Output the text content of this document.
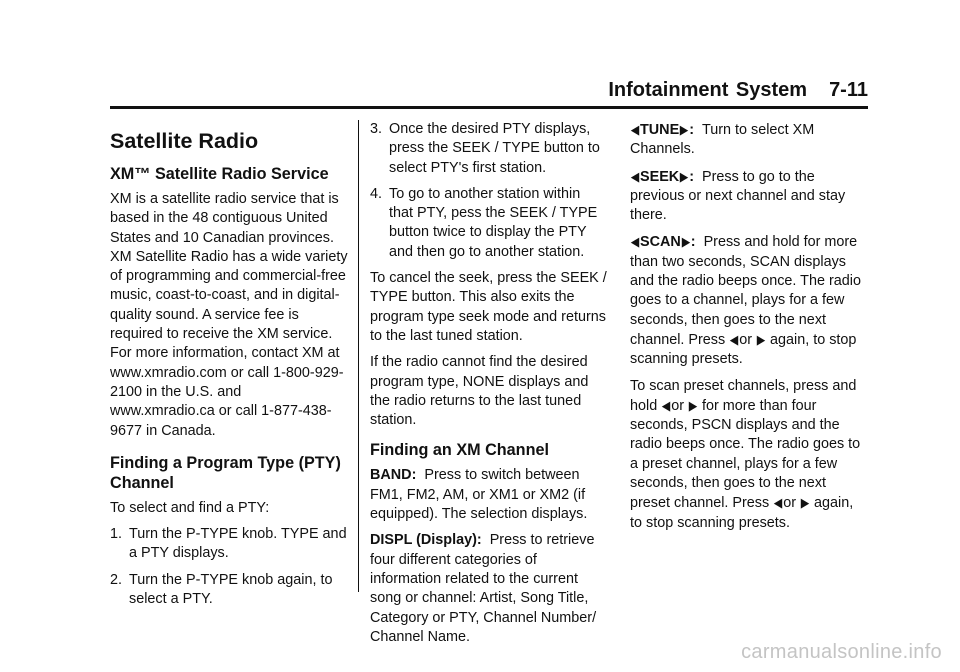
Infotainment System 7-11
Satellite Radio
XM™ Satellite Radio Service

XM is a satellite radio service that is based in the 48 contiguous United States and 10 Canadian provinces. XM Satellite Radio has a wide variety of programming and commercial-free music, coast-to-coast, and in digital-quality sound. A service fee is required to receive the XM service. For more information, contact XM at www.xmradio.com or call 1-800-929-2100 in the U.S. and www.xmradio.ca or call 1-877-438-9677 in Canada.

Finding a Program Type (PTY) Channel

To select and find a PTY:

1. Turn the P-TYPE knob. TYPE and a PTY displays.
2. Turn the P-TYPE knob again, to select a PTY.
3. Once the desired PTY displays, press the SEEK / TYPE button to select PTY's first station.
4. To go to another station within that PTY, pess the SEEK / TYPE button twice to display the PTY and then go to another station.

To cancel the seek, press the SEEK / TYPE button. This also exits the program type seek mode and returns to the last tuned station.

If the radio cannot find the desired program type, NONE displays and the radio returns to the last tuned station.

Finding an XM Channel

BAND: Press to switch between FM1, FM2, AM, or XM1 or XM2 (if equipped). The selection displays.

DISPL (Display): Press to retrieve four different categories of information related to the current song or channel: Artist, Song Title, Category or PTY, Channel Number/ Channel Name.

◀TUNE▶: Turn to select XM Channels.

◀SEEK▶: Press to go to the previous or next channel and stay there.

◀SCAN▶: Press and hold for more than two seconds, SCAN displays and the radio beeps once. The radio goes to a channel, plays for a few seconds, then goes to the next channel. Press ◀or ▶ again, to stop scanning presets.

To scan preset channels, press and hold ◀or ▶ for more than four seconds, PSCN displays and the radio beeps once. The radio goes to a preset channel, plays for a few seconds, then goes to the next preset channel. Press ◀or ▶ again, to stop scanning presets.

carmanualsonline.info
